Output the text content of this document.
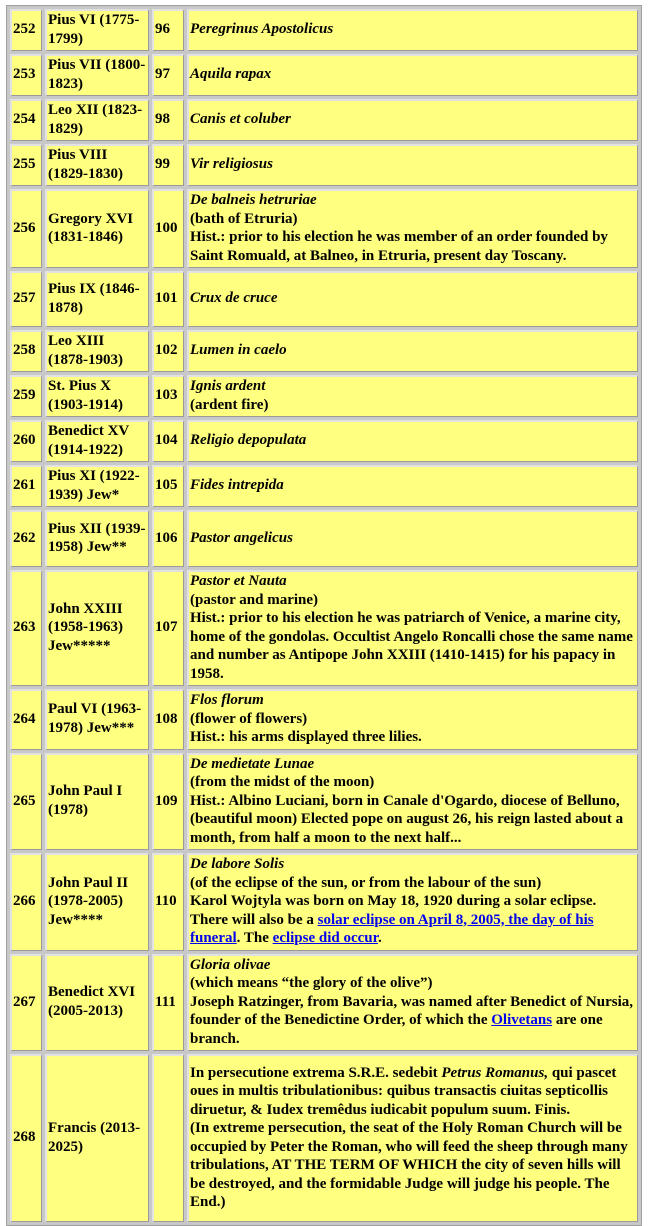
252	Pius VI (1775-1799)	96	Peregrinus Apostolicus

253	Pius VII (1800-1823)	97	Aquila rapax

254	Leo XII (1823-1829)	98	Canis et coluber

255	Pius VIII (1829-1830)	99	Vir religiosus

256	Gregory XVI (1831-1846)	100	De balneis hetruriae
(bath of Etruria)
Hist.: prior to his election he was member of an order founded by Saint Romuald, at Balneo, in Etruria, present day Toscany.

257	Pius IX (1846-1878)	101	Crux de cruce

258	Leo XIII (1878-1903)	102	Lumen in caelo

259	St. Pius X (1903-1914)	103	Ignis ardent
(ardent fire)

260	Benedict XV (1914-1922)	104	Religio depopulata

261	Pius XI (1922-1939) Jew*	105	Fides intrepida

262	Pius XII (1939-1958) Jew**	106	Pastor angelicus

263	John XXIII (1958-1963) Jew*****	107	Pastor et Nauta
(pastor and marine)
Hist.: prior to his election he was patriarch of Venice, a marine city, home of the gondolas. Occultist Angelo Roncalli chose the same name and number as Antipope John XXIII (1410-1415) for his papacy in 1958.

264	Paul VI (1963-1978) Jew***	108	Flos florum
(flower of flowers)
Hist.: his arms displayed three lilies.

265	John Paul I (1978)	109	De medietate Lunae
(from the midst of the moon)
Hist.: Albino Luciani, born in Canale d'Ogardo, diocese of Belluno, (beautiful moon) Elected pope on august 26, his reign lasted about a month, from half a moon to the next half...

266	John Paul II (1978-2005) Jew****	110	De labore Solis
(of the eclipse of the sun, or from the labour of the sun)
Karol Wojtyla was born on May 18, 1920 during a solar eclipse. There will also be a solar eclipse on April 8, 2005, the day of his funeral. The eclipse did occur.

267	Benedict XVI (2005-2013)	111	Gloria olivae
(which means “the glory of the olive”)
Joseph Ratzinger, from Bavaria, was named after Benedict of Nursia, founder of the Benedictine Order, of which the Olivetans are one branch.

268	Francis (2013-2025)		In persecutione extrema S.R.E. sedebit Petrus Romanus, qui pascet oues in multis tribulationibus: quibus transactis ciuitas septicollis diruetur, & Iudex tremêdus iudicabit populum suum. Finis.
(In extreme persecution, the seat of the Holy Roman Church will be occupied by Peter the Roman, who will feed the sheep through many tribulations, AT THE TERM OF WHICH the city of seven hills will be destroyed, and the formidable Judge will judge his people. The End.)
